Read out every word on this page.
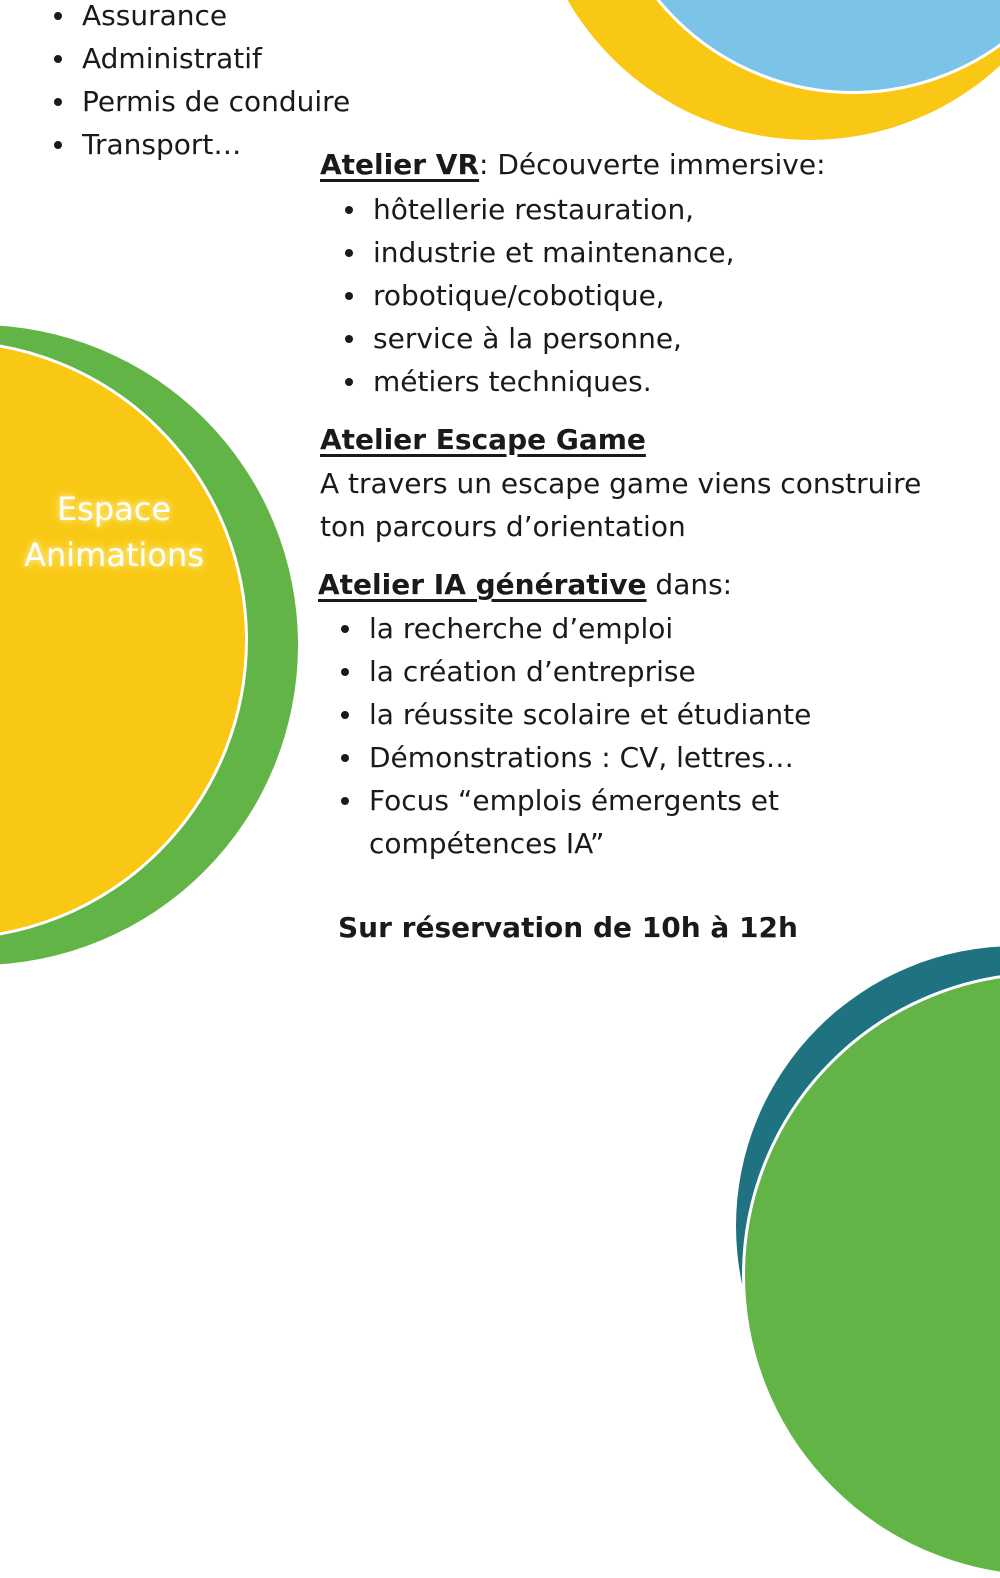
Espace
Animations
Assurance
Administratif
Permis de conduire
Transport…
Atelier VR: Découverte immersive:
hôtellerie restauration,
industrie et maintenance,
robotique/cobotique,
service à la personne,
métiers techniques.
Atelier Escape Game
A travers un escape game viens construire ton parcours d’orientation
Atelier IA générative dans:
la recherche d’emploi
la création d’entreprise
la réussite scolaire et étudiante
Démonstrations : CV, lettres…
Focus “emplois émergents et compétences IA”
Sur réservation de 10h à 12h
